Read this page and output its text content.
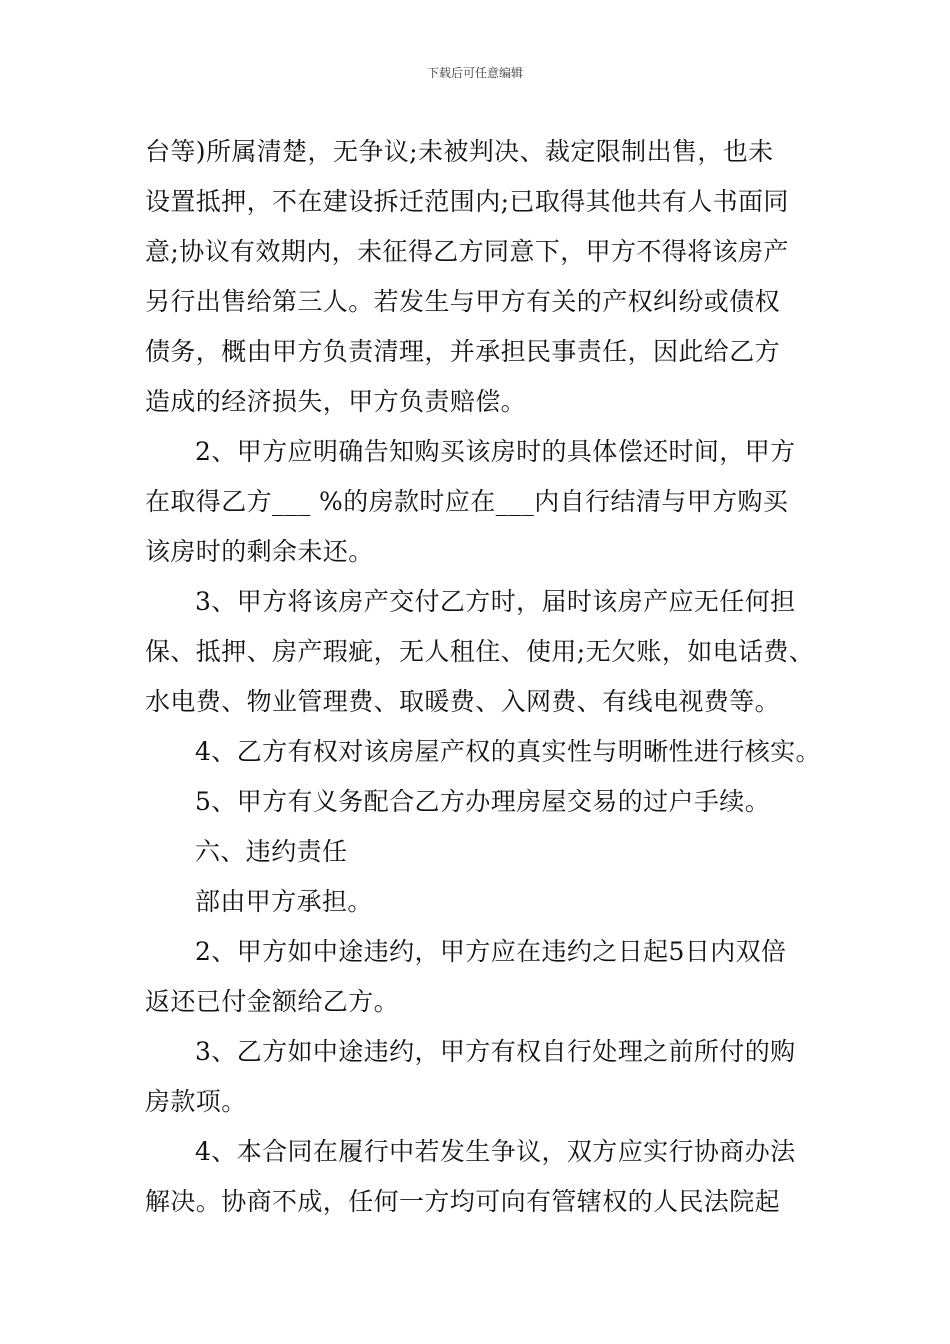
下载后可任意编辑
台等)所属清楚，无争议;未被判决、裁定限制出售，也未
设置抵押，不在建设拆迁范围内;已取得其他共有人书面同
意;协议有效期内，未征得乙方同意下，甲方不得将该房产
另行出售给第三人。若发生与甲方有关的产权纠纷或债权
债务，概由甲方负责清理，并承担民事责任，因此给乙方
造成的经济损失，甲方负责赔偿。
2、甲方应明确告知购买该房时的具体偿还时间，甲方
在取得乙方___ %的房款时应在___内自行结清与甲方购买
该房时的剩余未还。
3、甲方将该房产交付乙方时，届时该房产应无任何担
保、抵押、房产瑕疵，无人租住、使用;无欠账，如电话费、
水电费、物业管理费、取暖费、入网费、有线电视费等。
4、乙方有权对该房屋产权的真实性与明晰性进行核实。
5、甲方有义务配合乙方办理房屋交易的过户手续。
六、违约责任
部由甲方承担。
2、甲方如中途违约，甲方应在违约之日起5日内双倍
返还已付金额给乙方。
3、乙方如中途违约，甲方有权自行处理之前所付的购
房款项。
4、本合同在履行中若发生争议，双方应实行协商办法
解决。协商不成，任何一方均可向有管辖权的人民法院起
